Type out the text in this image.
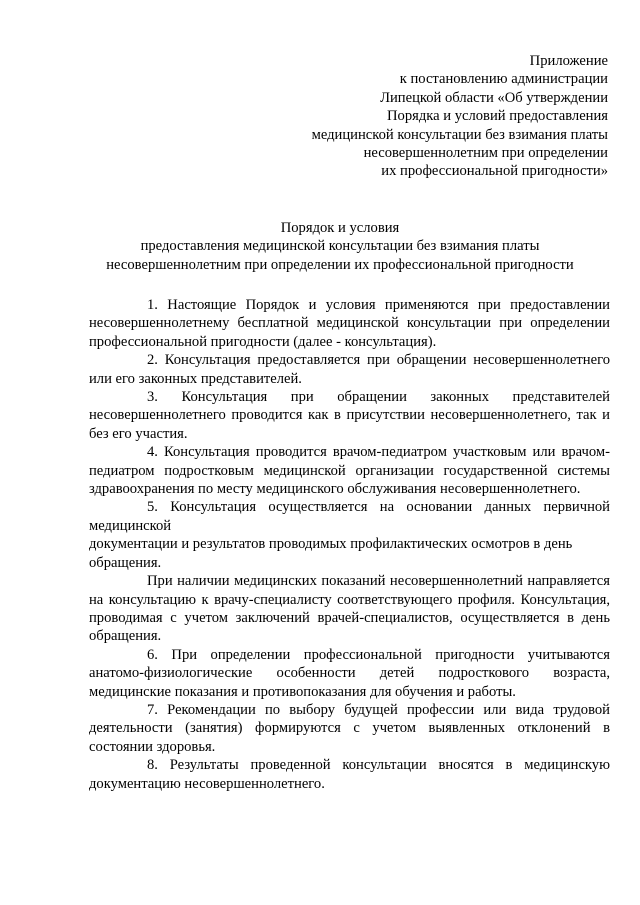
Приложение
к постановлению администрации
Липецкой области «Об утверждении
Порядка и условий предоставления
медицинской консультации без взимания платы
несовершеннолетним при определении
их профессиональной пригодности»
Порядок и условия
предоставления медицинской консультации без взимания платы
несовершеннолетним при определении их профессиональной пригодности

1. Настоящие Порядок и условия применяются при предоставлении несовершеннолетнему бесплатной медицинской консультации при определении профессиональной пригодности (далее - консультация).

2. Консультация предоставляется при обращении несовершеннолетнего или его законных представителей.

3. Консультация при обращении законных представителей несовершеннолетнего проводится как в присутствии несовершеннолетнего, так и без его участия.

4. Консультация проводится врачом-педиатром участковым или врачом-педиатром подростковым медицинской организации государственной системы здравоохранения по месту медицинского обслуживания несовершеннолетнего.

5. Консультация осуществляется на основании данных первичной медицинской

документации и результатов проводимых профилактических осмотров в день обращения.

При наличии медицинских показаний несовершеннолетний направляется на консультацию к врачу-специалисту соответствующего профиля. Консультация, проводимая с учетом заключений врачей-специалистов, осуществляется в день обращения.

6. При определении профессиональной пригодности учитываются анатомо-физиологические особенности детей подросткового возраста, медицинские показания и противопоказания для обучения и работы.

7. Рекомендации по выбору будущей профессии или вида трудовой деятельности (занятия) формируются с учетом выявленных отклонений в состоянии здоровья.

8. Результаты проведенной консультации вносятся в медицинскую документацию несовершеннолетнего.
